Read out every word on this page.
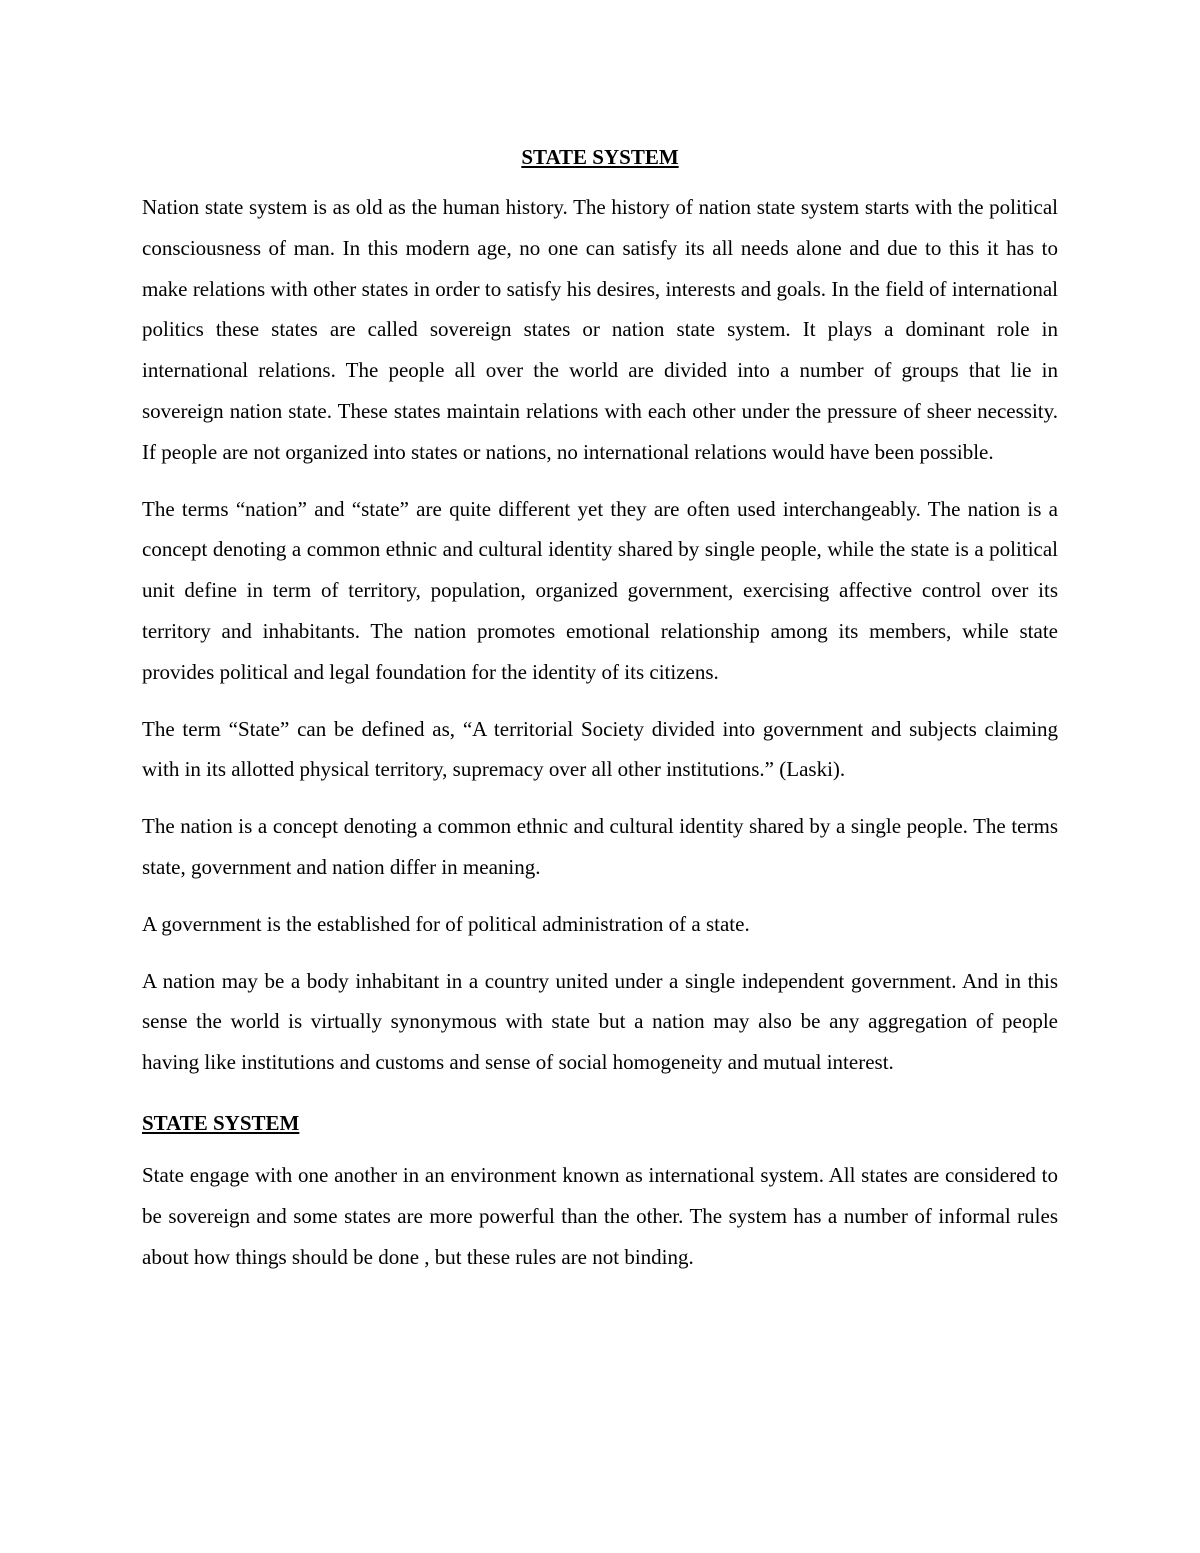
STATE SYSTEM

Nation state system is as old as the human history. The history of nation state system starts with the political consciousness of man. In this modern age, no one can satisfy its all needs alone and due to this it has to make relations with other states in order to satisfy his desires, interests and goals. In the field of international politics these states are called sovereign states or nation state system. It plays a dominant role in international relations. The people all over the world are divided into a number of groups that lie in sovereign nation state. These states maintain relations with each other under the pressure of sheer necessity. If people are not organized into states or nations, no international relations would have been possible.

The terms “nation” and “state” are quite different yet they are often used interchangeably. The nation is a concept denoting a common ethnic and cultural identity shared by single people, while the state is a political unit define in term of territory, population, organized government, exercising affective control over its territory and inhabitants. The nation promotes emotional relationship among its members, while state provides political and legal foundation for the identity of its citizens.

The term “State” can be defined as, “A territorial Society divided into government and subjects claiming with in its allotted physical territory, supremacy over all other institutions.” (Laski).

The nation is a concept denoting a common ethnic and cultural identity shared by a single people. The terms state, government and nation differ in meaning.

A government is the established for of political administration of a state.

A nation may be a body inhabitant in a country united under a single independent government. And in this sense the world is virtually synonymous with state but a nation may also be any aggregation of people having like institutions and customs and sense of social homogeneity and mutual interest.

STATE SYSTEM

State engage with one another in an environment known as international system. All states are considered to be sovereign and some states are more powerful than the other. The system has a number of informal rules about how things should be done , but these rules are not binding.
